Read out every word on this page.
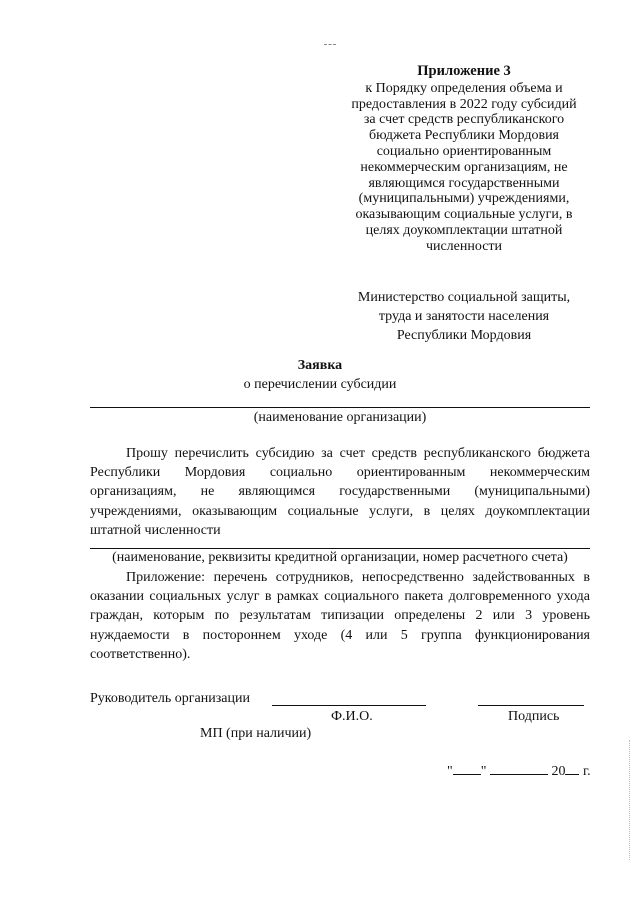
Приложение 3
к Порядку определения объема и
предоставления в 2022 году субсидий
за счет средств республиканского
бюджета Республики Мордовия
социально ориентированным
некоммерческим организациям, не
являющимся государственными
(муниципальными) учреждениями,
оказывающим социальные услуги, в
целях доукомплектации штатной
численности
Министерство социальной защиты,
труда и занятости населения
Республики Мордовия
Заявка
о перечислении субсидии
(наименование организации)
Прошу перечислить субсидию за счет средств республиканского бюджета Республики Мордовия социально ориентированным некоммерческим организациям, не являющимся государственными (муниципальными) учреждениями, оказывающим социальные услуги, в целях доукомплектации штатной численности
(наименование, реквизиты кредитной организации, номер расчетного счета)
Приложение: перечень сотрудников, непосредственно задействованных в оказании социальных услуг в рамках социального пакета долговременного ухода граждан, которым по результатам типизации определены 2 или 3 уровень нуждаемости в постороннем уходе (4 или 5 группа функционирования соответственно).
Руководитель организации
Ф.И.О.	Подпись
МП (при наличии)
" "	20 г.
